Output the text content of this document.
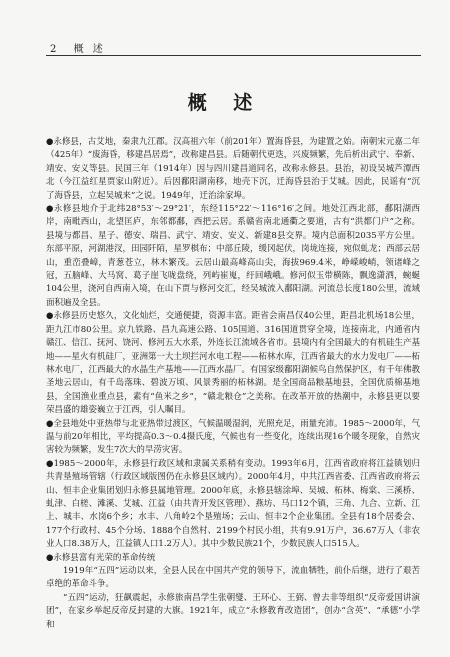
2 概 述
概 述

●永修县，古艾地，秦隶九江郡。汉高祖六年（前201年）置海昏县，为建置之始。南朝宋元嘉二年（425年）“废海昏，移建昌居焉”，改称建昌县。后随朝代更迭，兴废频繁，先后析出武宁、奉新、靖安、安义等县。民国三年（1914年）因与四川建昌道同名，改称永修县。县治，初设吴城芦潭西北（今江益红星贾家山附近）。后因鄱阳湖南移，地壳下沉，迁海昏县治于艾城。因此，民谣有“沉了海昏县，立起吴城来”之说。1949年，迁治涂家埠。

●永修县地介于北纬28°53′～29°21′，东经115°22′～116°16′之间。地处江西北部，鄱阳湖西岸，南毗西山，北望匡庐，东邻都鄱，西把云居。系赣省南北通衢之要道，古有“洪都门户”之称。县境与都昌、星子、德安、瑞昌、武宁、靖安、安义、新建8县交界。境内总面积2035平方公里。东部平原，河湖港汊，田园阡陌，星罗棋布；中部丘陵，缓冈起伏，岗垅连接，宛似虬龙；西部云居山，重峦叠嶂，青葱苍立，林木繁茂。云居山最高峰高山尖，海拔969.4米，峥嵘峻峭，领诸峰之冠，五脑峰、大马窝、葛子崖飞咙盘绕，列屿崔嵬，纡回峨峨。修河似玉带横陈，飘逸潇洒，蜿蜒104公里，浇河自西南入境，在山下贾与修河交汇，经吴城流入鄱阳湖。河流总长度180公里，流域面积遍及全县。

●永修县历史悠久，文化灿烂，交通便捷，资源丰富。距省会南昌仅40公里，距昌北机场18公里，距九江市80公里。京九铁路、昌九高速公路、105国道、316国道贯穿全境，连接南北，内通省内赣江、信江、抚河、饶河、修河五大水系，外连长江流域各省市。县境内有全国最大的有机硅生产基地——星火有机硅厂，亚洲第一大土坝拦河水电工程——柘林水库，江西省最大的水力发电厂——柘林水电厂，江西最大的水晶生产基地——江西水晶厂。有国家级鄱阳湖候鸟自然保护区，有千年佛教圣地云居山，有千岛落珠、碧波万顷、风景秀丽的柘林湖。是全国商品粮基地县，全国优质棉基地县，全国渔业重点县，素有“鱼米之乡”，“赣北粮仓”之美称。在改革开放的热潮中，永修县更以要荣昌盛的雄姿巍立于江西，引人瞩目。

●全县地处中亚热带与北亚热带过渡区，气候温暖湿润，光照充足，雨量充沛。1985～2000年，气温与前20年相比，平均提高0.3～0.4摄氏度，气候也有一些变化，连续出现16个暖冬现象，自然灾害较为频繁，发生7次大的旱涝灾害。

●1985～2000年，永修县行政区域和隶属关系稍有变动。1993年6月，江西省政府将江益镇划归共青垦殖场管辖（行政区域版图仍在永修县区域内）。2000年4月，中共江西省委、江西省政府将云山、恒丰企业集团划归永修县属地管理。2000年底，永修县辖涂埠、吴城、柘林、梅棠、三溪桥、虬津、白槎、滩溪、艾城、江益（由共青开发区管理）、燕坊、马口12个镇，三角、九合、立新、江上、城丰、水岗6个乡；水丰、八角岭2个垦殖场；云山、恒丰2个企业集团。全县有18个居委会、177个行政村、45个分场、1888个自然村、2199个村民小组，共有9.91万户，36.67万人（非农业人口8.38万人，江益镇人口1.2万人）。其中少数民族21个，少数民族人口515人。

●永修县富有光荣的革命传统

1919年“五四”运动以来，全县人民在中国共产党的领导下，流血牺牲，前仆后继，进行了艰苦卓绝的革命斗争。

“五四”运动，狂飙震起，永修旅南昌学生张朝燮、王环心、王弼、曾去非等组织“反帝爱国讲演团”，在家乡举起反帝反封建的大旗。1921年，成立“永修教育改造团”，创办“含英”、“承德”小学和
